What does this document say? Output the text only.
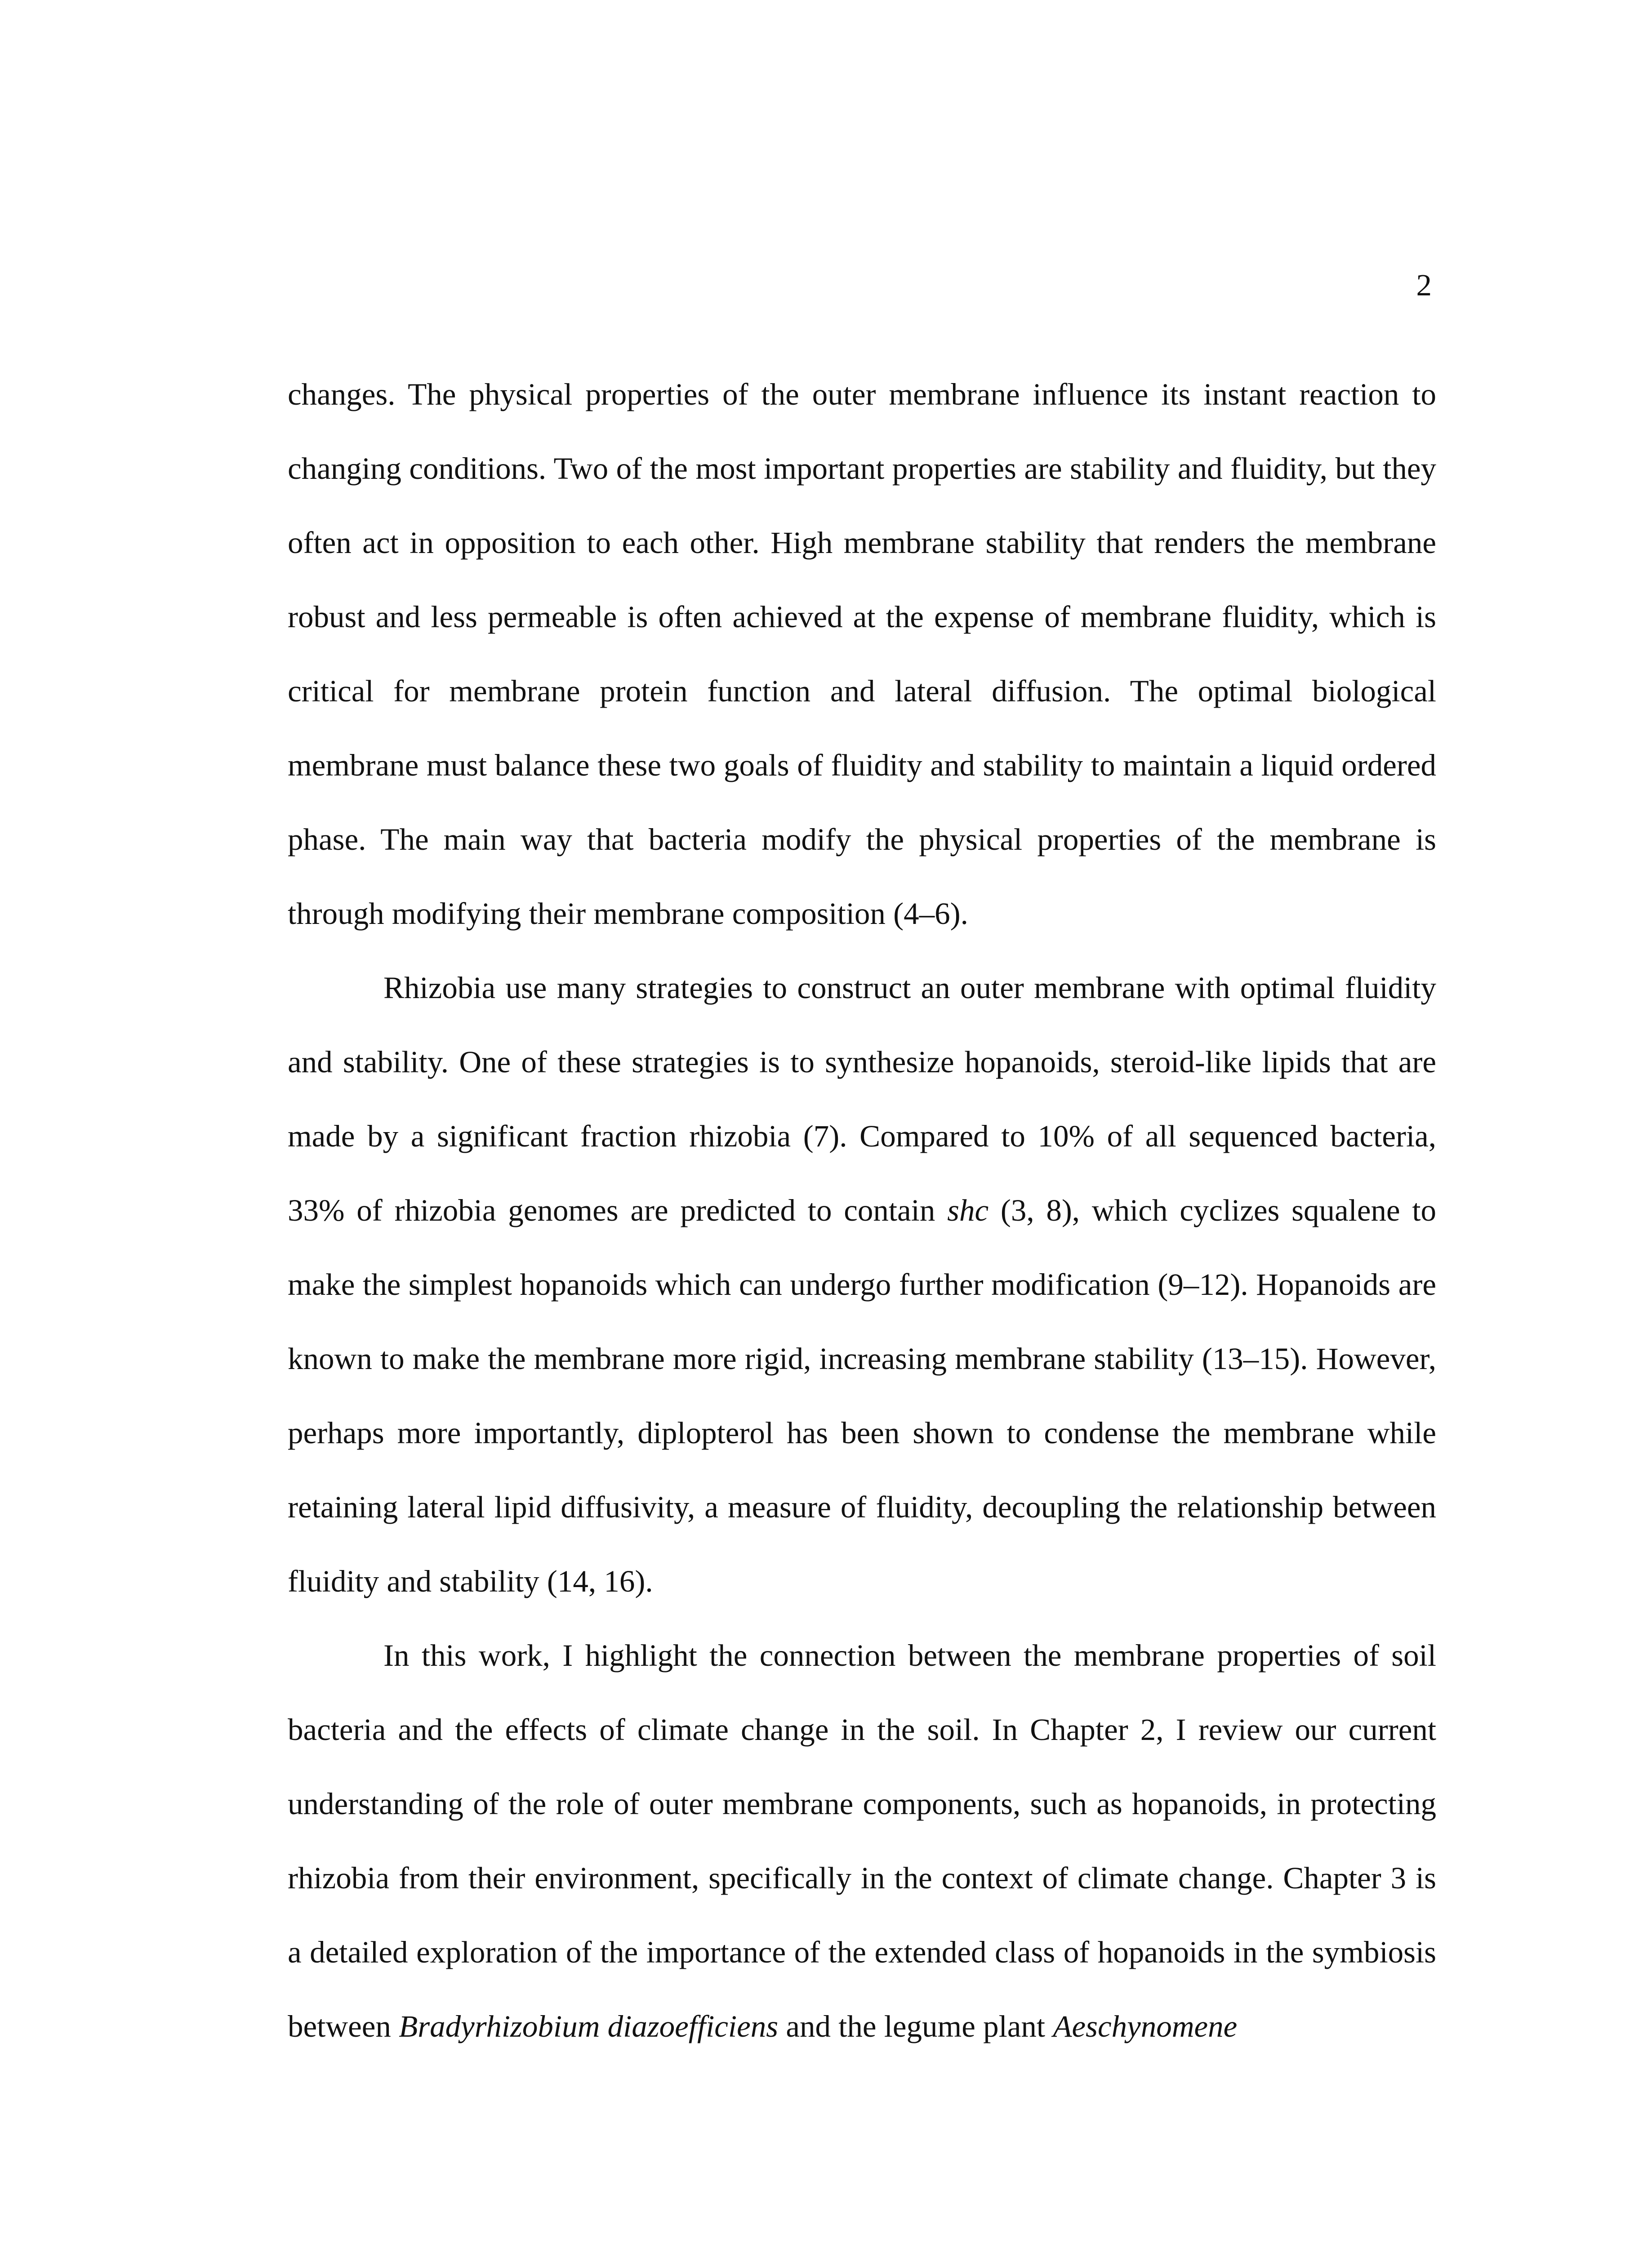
2

changes. The physical properties of the outer membrane influence its instant reaction to changing conditions. Two of the most important properties are stability and fluidity, but they often act in opposition to each other. High membrane stability that renders the membrane robust and less permeable is often achieved at the expense of membrane fluidity, which is critical for membrane protein function and lateral diffusion. The optimal biological membrane must balance these two goals of fluidity and stability to maintain a liquid ordered phase. The main way that bacteria modify the physical properties of the membrane is through modifying their membrane composition (4–6).

Rhizobia use many strategies to construct an outer membrane with optimal fluidity and stability. One of these strategies is to synthesize hopanoids, steroid-like lipids that are made by a significant fraction rhizobia (7). Compared to 10% of all sequenced bacteria, 33% of rhizobia genomes are predicted to contain shc (3, 8), which cyclizes squalene to make the simplest hopanoids which can undergo further modification (9–12). Hopanoids are known to make the membrane more rigid, increasing membrane stability (13–15). However, perhaps more importantly, diplopterol has been shown to condense the membrane while retaining lateral lipid diffusivity, a measure of fluidity, decoupling the relationship between fluidity and stability (14, 16).

In this work, I highlight the connection between the membrane properties of soil bacteria and the effects of climate change in the soil. In Chapter 2, I review our current understanding of the role of outer membrane components, such as hopanoids, in protecting rhizobia from their environment, specifically in the context of climate change. Chapter 3 is a detailed exploration of the importance of the extended class of hopanoids in the symbiosis between Bradyrhizobium diazoefficiens and the legume plant Aeschynomene
